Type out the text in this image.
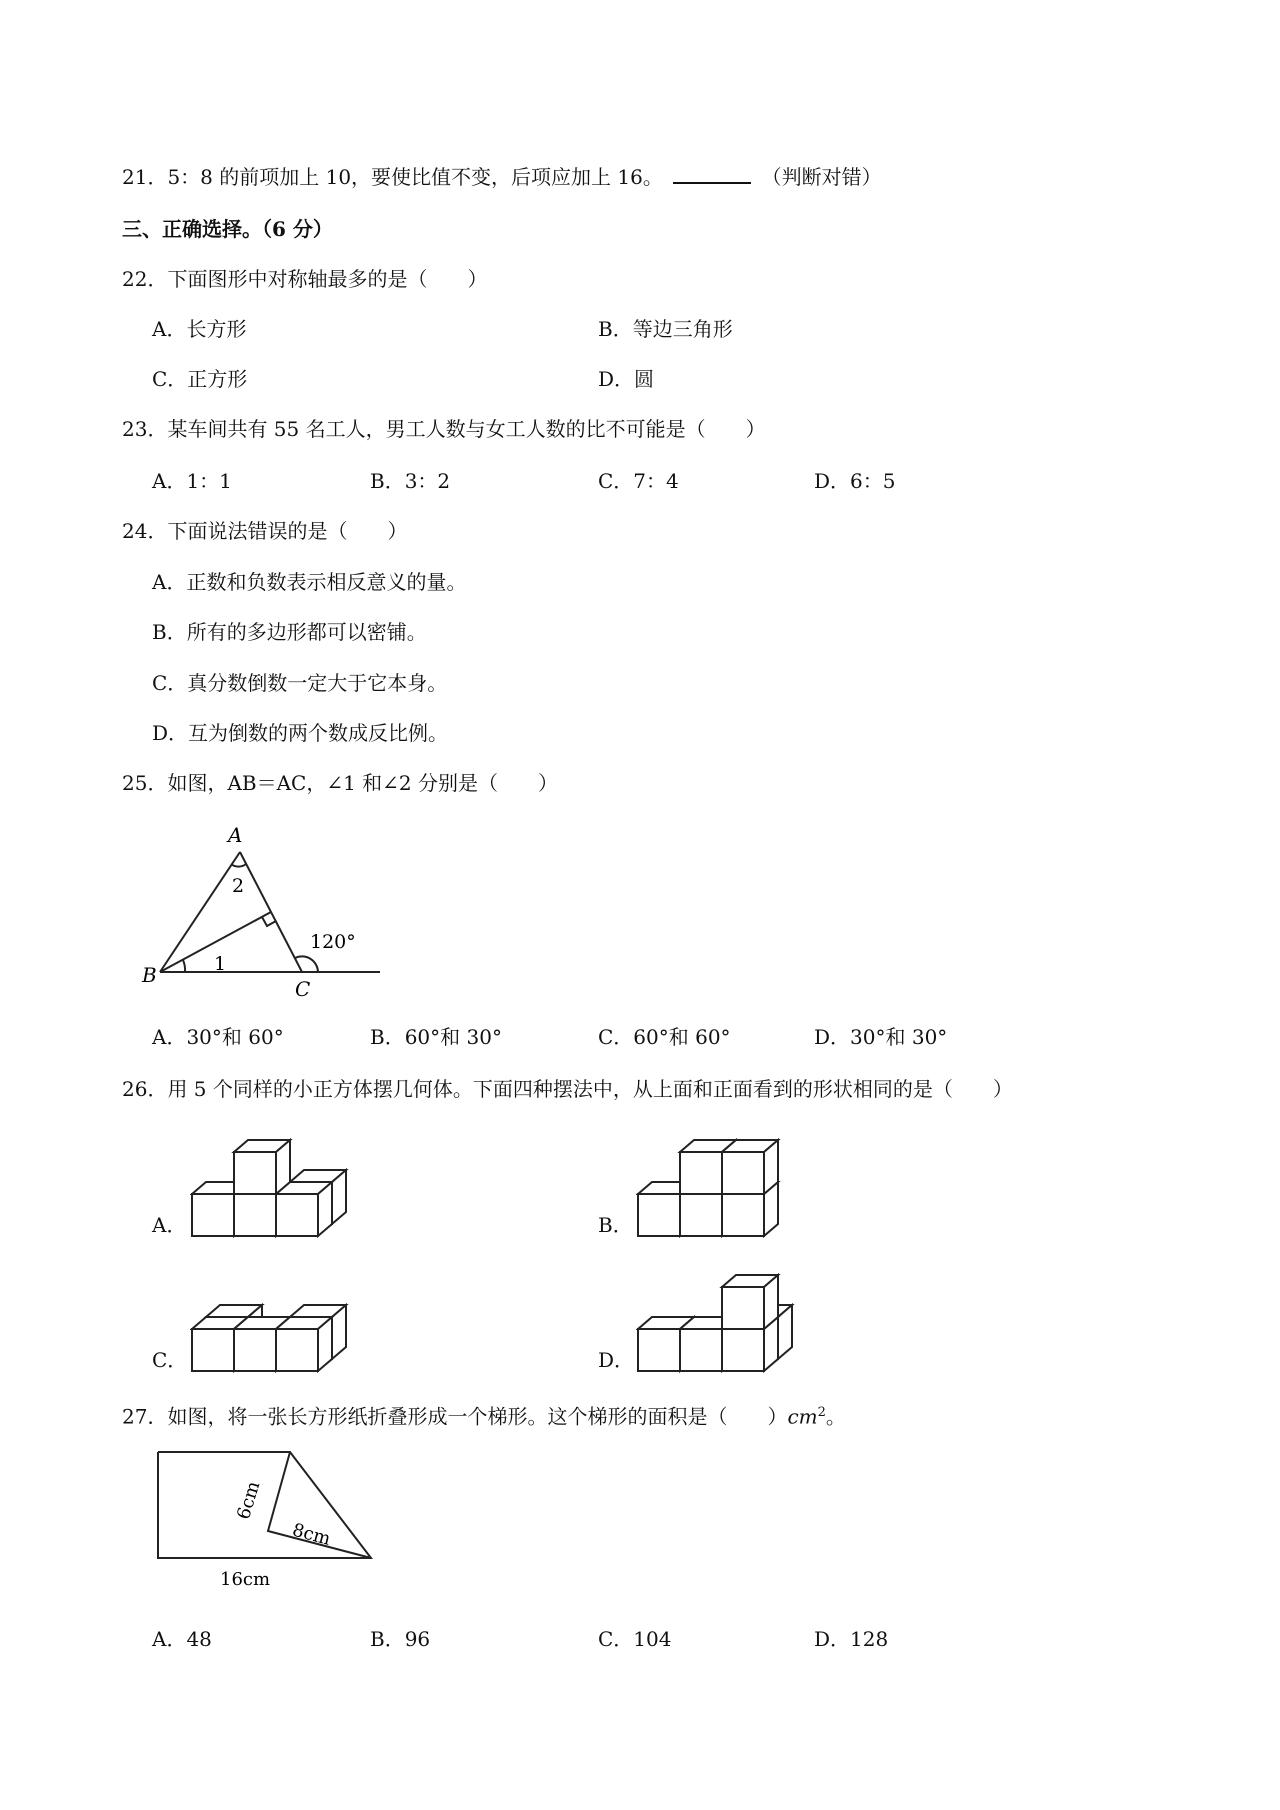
21．5：8 的前项加上 10，要使比值不变，后项应加上 16。	（判断对错）
三、正确选择。（6 分）
22．下面图形中对称轴最多的是（　　）
A．长方形	B．等边三角形
C．正方形	D．圆
23．某车间共有 55 名工人，男工人数与女工人数的比不可能是（　　）
A．1：1	B．3：2	C．7：4	D．6：5
24．下面说法错误的是（　　）
A．正数和负数表示相反意义的量。
B．所有的多边形都可以密铺。
C．真分数倒数一定大于它本身。
D．互为倒数的两个数成反比例。
25．如图，AB＝AC，∠1 和∠2 分别是（　　）
A
2
B
C
1
120°
A．30°和 60°	B．60°和 30°	C．60°和 60°	D．30°和 30°
26．用 5 个同样的小正方体摆几何体。下面四种摆法中，从上面和正面看到的形状相同的是（　　）
A．	B．
C．	D．
27．如图，将一张长方形纸折叠形成一个梯形。这个梯形的面积是（　　）$cm^2$。
6cm
8cm
16cm
A．48	B．96	C．104	D．128
